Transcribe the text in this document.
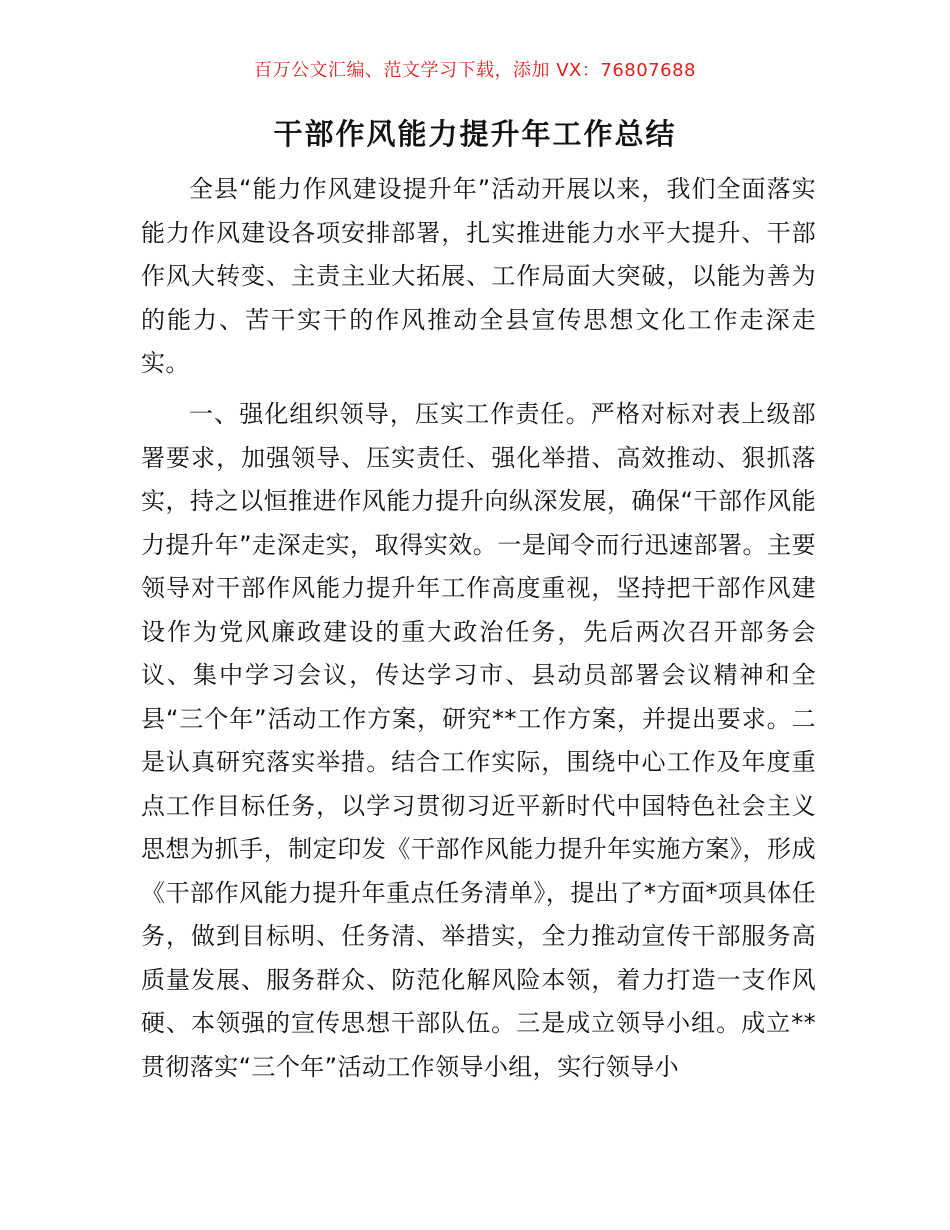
百万公文汇编、范文学习下载，添加 VX：76807688
干部作风能力提升年工作总结

全县“能力作风建设提升年”活动开展以来，我们全面落实能力作风建设各项安排部署，扎实推进能力水平大提升、干部作风大转变、主责主业大拓展、工作局面大突破，以能为善为的能力、苦干实干的作风推动全县宣传思想文化工作走深走实。

一、强化组织领导，压实工作责任。严格对标对表上级部署要求，加强领导、压实责任、强化举措、高效推动、狠抓落实，持之以恒推进作风能力提升向纵深发展，确保“干部作风能力提升年”走深走实，取得实效。一是闻令而行迅速部署。主要领导对干部作风能力提升年工作高度重视，坚持把干部作风建设作为党风廉政建设的重大政治任务，先后两次召开部务会议、集中学习会议，传达学习市、县动员部署会议精神和全县“三个年”活动工作方案，研究**工作方案，并提出要求。二是认真研究落实举措。结合工作实际，围绕中心工作及年度重点工作目标任务，以学习贯彻习近平新时代中国特色社会主义思想为抓手，制定印发《干部作风能力提升年实施方案》，形成《干部作风能力提升年重点任务清单》，提出了*方面*项具体任务，做到目标明、任务清、举措实，全力推动宣传干部服务高质量发展、服务群众、防范化解风险本领，着力打造一支作风硬、本领强的宣传思想干部队伍。三是成立领导小组。成立**贯彻落实“三个年”活动工作领导小组，实行领导小
